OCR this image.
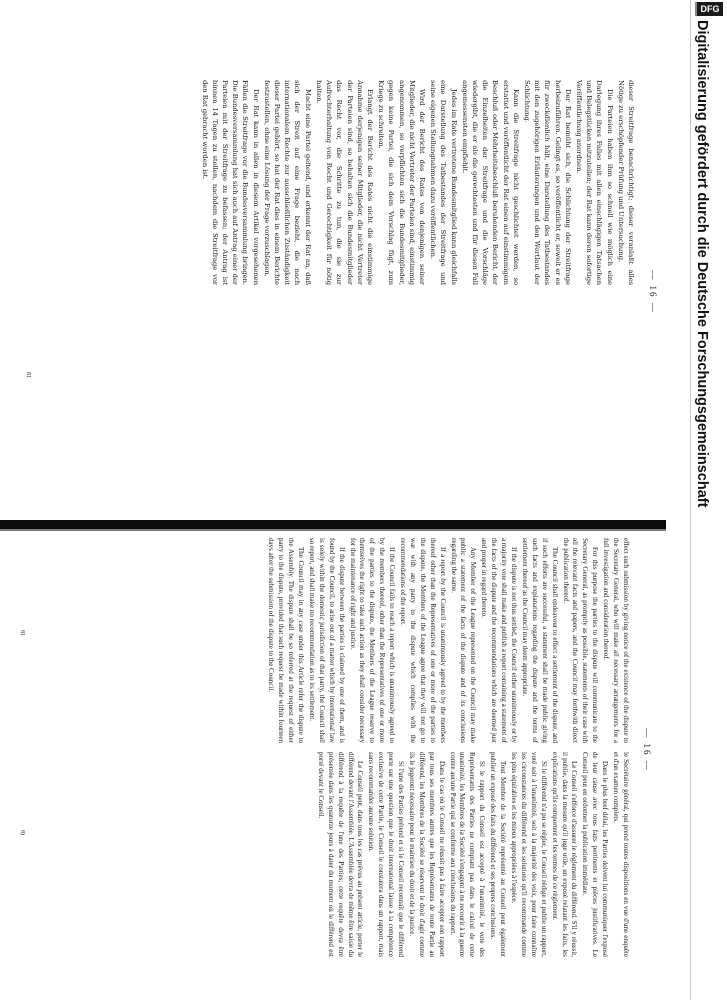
— 16 —

dieser Streitfrage benachrichtigt; dieser veranlaßt alles Nötige zu erschöpfender Prüfung und Untersuchung.

Die Parteien haben ihm so schnell wie möglich eine Darlegung ihres Falles mit allen einschlägigen Tatsachen und Belegstücken mitzuteilen; der Rat kann deren sofortige Veröffentlichung anordnen.

Der Rat bemüht sich, die Schlichtung der Streitfrage herbeizuführen. Gelingt es, so veröffentlicht er, soweit er es für zweckdienlich hält, eine Darstellung des Tatbestandes mit den zugehörigen Erläuterungen und den Wortlaut der Schlichtung.

Kann die Streitfrage nicht geschlichtet werden, so erstattet und veröffentlicht der Rat einen auf einstimmigem Beschluß oder Mehrheitsbeschluß beruhenden Bericht, der die Einzelheiten der Streitfrage und die Vorschläge wiedergibt, die er als die gerechtesten und für diesen Fall angemessensten empfiehlt.

Jedes im Rate vertretene Bundesmitglied kann gleichfalls eine Darstellung des Tatbestandes der Streitfrage und seine eigenen Stellungnahmen dazu veröffentlichen.

Wird der Bericht des Rates von denjenigen seiner Mitglieder, die nicht Vertreter der Parteien sind, einstimmig angenommen, so verpflichten sich die Bundesmitglieder, gegen keine Partei, die sich dem Vorschlag fügt, zum Kriege zu schreiten.

Erlangt der Bericht des Rates nicht die einstimmige Annahme derjenigen seiner Mitglieder, die nicht Vertreter der Parteien sind, so behalten sich die Bundesmitglieder das Recht vor, die Schritte zu tun, die sie zur Aufrechterhaltung von Recht und Gerechtigkeit für nötig halten.

Macht eine Partei geltend, und erkennt der Rat an, daß sich der Streit auf eine Frage bezieht, die nach internationalem Rechte zur ausschließlichen Zuständigkeit dieser Partei gehört, so hat der Rat dies in einem Berichte festzustellen, ohne eine Lösung der Frage vorzuschlagen.

Der Rat kann in allen in diesem Artikel vorgesehenen Fällen die Streitfrage vor die Bundesversammlung bringen. Die Bundesversammlung hat sich auch auf Antrag einer der Parteien mit der Streitfrage zu befassen; der Antrag ist binnen 14 Tagen zu stellen, nachdem die Streitfrage vor den Rat gebracht worden ist.

81
— 16 —

effect such submission by giving notice of the existence of the dispute to the Secretary General, who will make all necessary arrangements for a full investigation and consideration thereof.

For this purpose the parties to the dispute will communicate to the Secretary General, as promptly as possible, statements of their case with all the relevant facts and papers, and the Council may forthwith direct the publication thereof.

The Council shall endeavour to effect a settlement of the dispute, and if such efforts are successful, a statement shall be made public giving such facts and explanations regarding the dispute and the terms of settlement thereof as the Council may deem appropriate.

If the dispute is not thus settled, the Council either unanimously or by a majority vote shall make and publish a report containing a statement of the facts of the dispute and the recommendations which are deemed just and proper in regard thereto.

Any Member of the League represented on the Council may make public a statement of the facts of the dispute and of its conclusions regarding the same.

If a report by the Council is unanimously agreed to by the members thereof other than the Representatives of one or more of the parties to the dispute, the Members of the League agree that they will not go to war with any party to the dispute which complies with the recommendations of the report.

If the Council fails to reach a report which is unanimously agreed to by the members thereof, other than the Representatives of one or more of the parties to the dispute, the Members of the League reserve to themselves the right to take such action as they shall consider necessary for the maintenance of right and justice.

If the dispute between the parties is claimed by one of them, and is found by the Council, to arise out of a matter which by international law is solely within the domestic jurisdiction of that party, the Council shall so report, and shall make no recommendation as to its settlement.

The Council may in any case under this Article refer the dispute to the Assembly. The dispute shall be so referred at the request of either party to the dispute, provided that such request be made within fourteen days after the submission of the dispute to the Council.

le Secrétaire général, qui prend toutes dispositions en vue d'une enquête et d'un examen complets.

Dans le plus bref délai, les Parties doivent lui communiquer l'exposé de leur cause avec tous faits pertinents et pièces justificatives. Le Conseil peut en ordonner la publication immédiate.

Le Conseil s'efforce d'assurer le règlement du différend. S'il y réussit, il publie, dans la mesure qu'il juge utile, un exposé relatant les faits, les explications qu'ils comportent et les termes de ce règlement.

Si le différend n'a pu se régler, le Conseil rédige et publie un rapport, voté soit à l'unanimité, soit à la majorité des voix, pour faire connaître les circonstances du différend et les solutions qu'il recommande comme les plus équitables et les mieux appropriées à l'espèce.

Tout Membre de la Société représenté au Conseil peut également publier un exposé des faits du différend et ses propres conclusions.

Si le rapport du Conseil est accepté à l'unanimité, le vote des Représentants des Parties ne comptant pas dans le calcul de cette unanimité, les Membres de la Société s'engagent à ne recourir à la guerre contre aucune Partie qui se conforme aux conclusions du rapport.

Dans le cas où le Conseil ne réussit pas à faire accepter son rapport par tous ses membres autres que les Représentants de toute Partie au différend, les Membres de la Société se réservent le droit d'agir comme ils le jugeront nécessaire pour le maintien du droit et de la justice.

Si l'une des Parties prétend et si le Conseil reconnaît que le différend porte sur une question que le droit international laisse à la compétence exclusive de cette Partie, le Conseil le constatera dans un rapport, mais sans recommander aucune solution.

Le Conseil peut, dans tous les cas prévus au présent article, porter le différend devant l'Assemblée. L'Assemblée devra de même être saisie du différend à la requête de l'une des Parties; cette requête devra être présentée dans les quatorze jours à dater du moment où le différend est porté devant le Conseil.

81
8)
Digitalisierung gefördert durch die Deutsche Forschungsgemeinschaft
DFG
